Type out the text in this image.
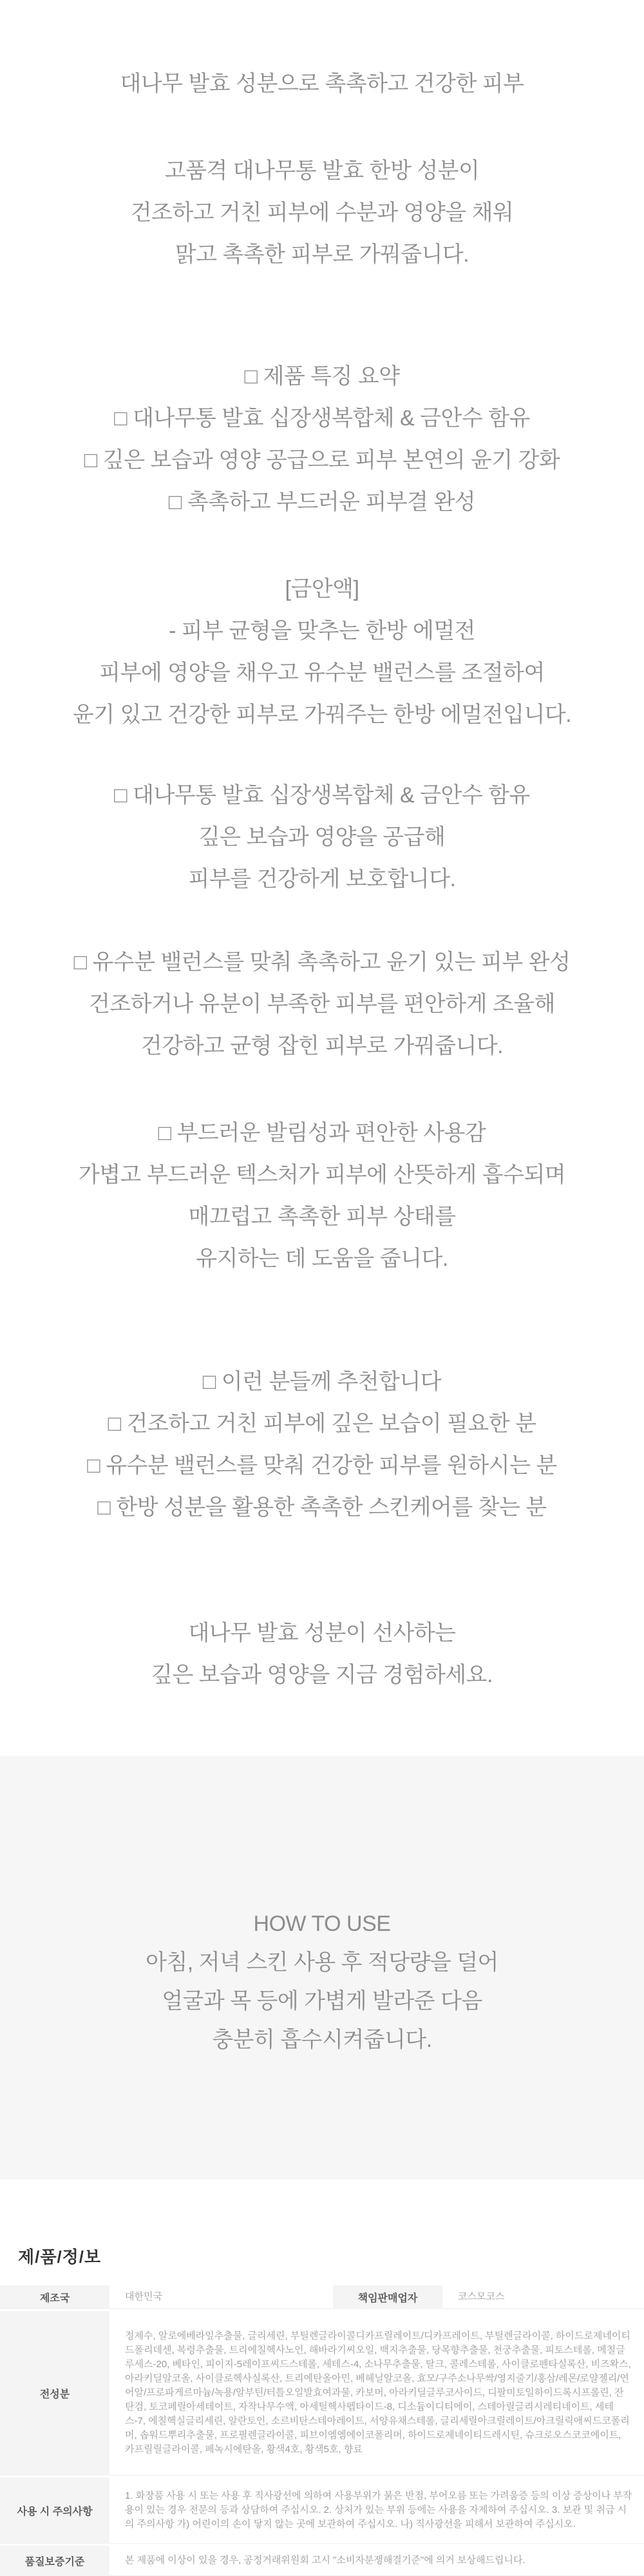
대나무 발효 성분으로 촉촉하고 건강한 피부

고품격 대나무통 발효 한방 성분이

건조하고 거친 피부에 수분과 영양을 채워

맑고 촉촉한 피부로 가꿔줍니다.

□ 제품 특징 요약

□ 대나무통 발효 십장생복합체 & 금안수 함유

□ 깊은 보습과 영양 공급으로 피부 본연의 윤기 강화

□ 촉촉하고 부드러운 피부결 완성

[금안액]

- 피부 균형을 맞추는 한방 에멀전

피부에 영양을 채우고 유수분 밸런스를 조절하여

윤기 있고 건강한 피부로 가꿔주는 한방 에멀전입니다.

□ 대나무통 발효 십장생복합체 & 금안수 함유

깊은 보습과 영양을 공급해

피부를 건강하게 보호합니다.

□ 유수분 밸런스를 맞춰 촉촉하고 윤기 있는 피부 완성

건조하거나 유분이 부족한 피부를 편안하게 조율해

건강하고 균형 잡힌 피부로 가꿔줍니다.

□ 부드러운 발림성과 편안한 사용감

가볍고 부드러운 텍스처가 피부에 산뜻하게 흡수되며

매끄럽고 촉촉한 피부 상태를

유지하는 데 도움을 줍니다.

□ 이런 분들께 추천합니다

□ 건조하고 거친 피부에 깊은 보습이 필요한 분

□ 유수분 밸런스를 맞춰 건강한 피부를 원하시는 분

□ 한방 성분을 활용한 촉촉한 스킨케어를 찾는 분

대나무 발효 성분이 선사하는

깊은 보습과 영양을 지금 경험하세요.

HOW TO USE

아침, 저녁 스킨 사용 후 적당량을 덜어

얼굴과 목 등에 가볍게 발라준 다음

충분히 흡수시켜줍니다.

제/품/정/보
제조국	대한민국	책임판매업자	코스모코스
전성분
정제수, 알로에베라잎추출물, 글리세린, 부틸렌글라이콜디카프릴레이트/디카프레이트, 부틸렌글라이콜, 하이드로제네이티드폴리데센, 복령추출물, 트리에칠헥사노인, 해바라기씨오일, 백지추출물, 당목향추출물, 천궁추출물, 피토스테롤, 메칠글루세스-20, 베타인, 피이지-5레이프씨드스테롤, 세테스-4, 소나무추출물, 탈크, 콜레스테롤, 사이클로펜타실록산, 비즈왁스, 아라키딜알코올, 사이클로헥사실록산, 트리에탄올아민, 베헤닐알코올, 효모/구주소나무싹/영지줄기/홍삼/레몬/로얄젤리/연어알/프로파게르마늄/녹용/알부틴/터틀오일발효여과물, 카보머, 아라키딜글루코사이드, 디팔미토일하이드록시프롤린, 잔탄검, 토코페릴아세테이트, 자작나무수액, 아세틸헥사펩타이드-8, 디소듐이디티에이, 스테아릴글리시레티네이트, 세테스-7, 에칠헥실글리세린, 알란토인, 소르비탄스테아레이트, 서양유채스테롤, 글리세릴아크릴레이트/아크릴릭애씨드코폴리머, 솝워드뿌리추출물, 프로필렌글라이콜, 피브이엠엠에이코폴리머, 하이드로제네이티드레시틴, 슈크로오스코코에이트, 카프릴릴글라이콜, 페녹시에탄올, 황색4호, 황색5호, 향료
사용 시 주의사항
1. 화장품 사용 시 또는 사용 후 직사광선에 의하여 사용부위가 붉은 반점, 부어오름 또는 가려움증 등의 이상 증상이나 부작용이 있는 경우 전문의 등과 상담하여 주십시오. 2. 상처가 있는 부위 등에는 사용을 자제하여 주십시오. 3. 보관 및 취급 시의 주의사항 가) 어린이의 손이 닿지 않는 곳에 보관하여 주십시오. 나) 직사광선을 피해서 보관하여 주십시오.
품질보증기준	본 제품에 이상이 있을 경우, 공정거래위원회 고시 "소비자분쟁해결기준"에 의거 보상해드립니다.
